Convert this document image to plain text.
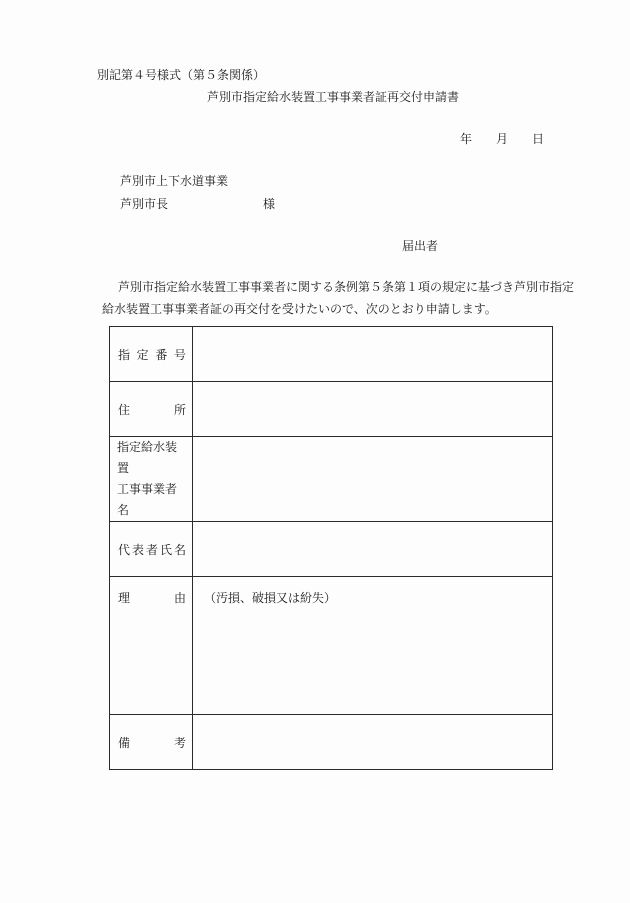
別記第４号様式（第５条関係）
芦別市指定給水装置工事事業者証再交付申請書
年 月 日
芦別市上下水道事業
芦別市長	様
届出者
芦別市指定給水装置工事事業者に関する条例第５条第１項の規定に基づき芦別市指定
給水装置工事事業者証の再交付を受けたいので、次のとおり申請します。
指 定 番 号	

住 所	

指定給水装置
工事事業者名	

代 表 者 氏 名	

理 由	（汚損、破損又は紛失）

備 考	
